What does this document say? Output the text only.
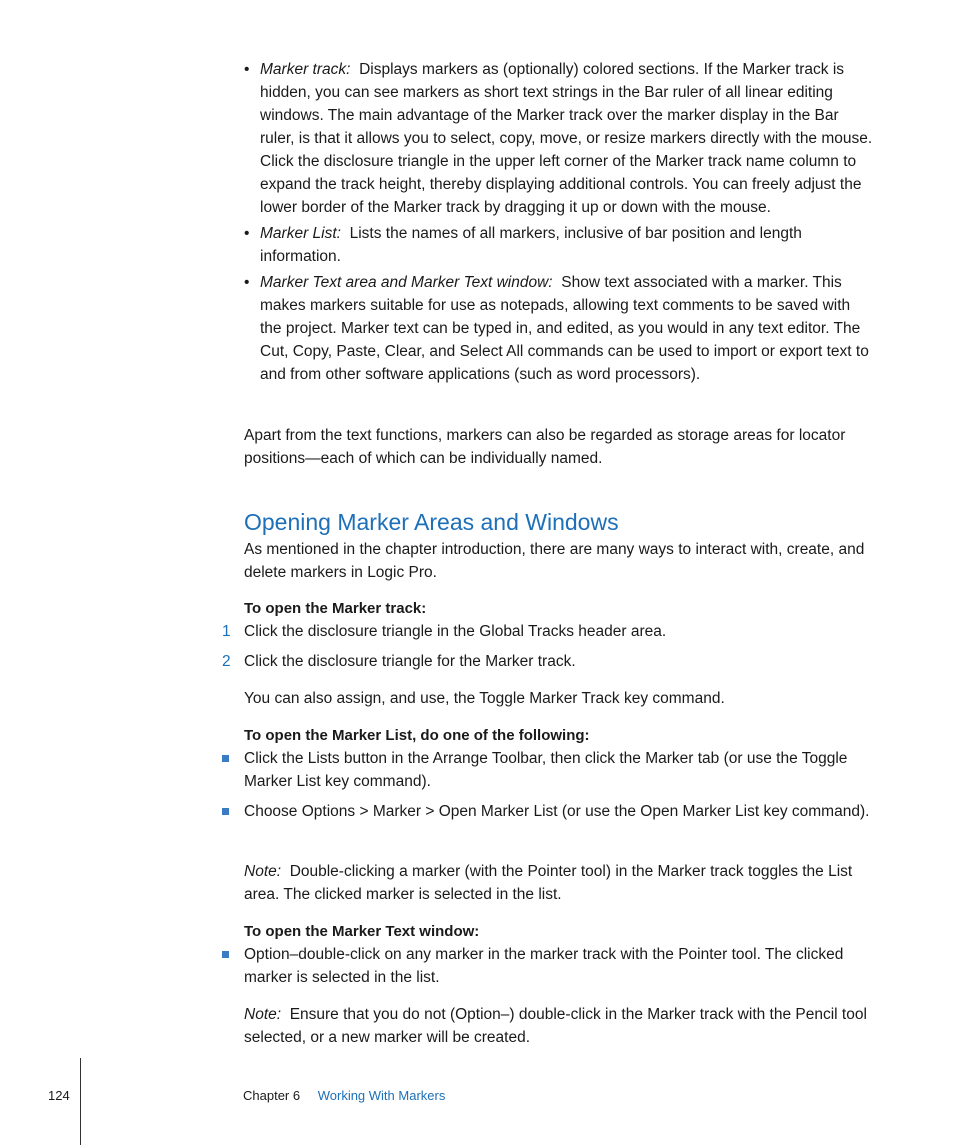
• Marker track: Displays markers as (optionally) colored sections. If the Marker track is hidden, you can see markers as short text strings in the Bar ruler of all linear editing windows. The main advantage of the Marker track over the marker display in the Bar ruler, is that it allows you to select, copy, move, or resize markers directly with the mouse. Click the disclosure triangle in the upper left corner of the Marker track name column to expand the track height, thereby displaying additional controls. You can freely adjust the lower border of the Marker track by dragging it up or down with the mouse.
• Marker List: Lists the names of all markers, inclusive of bar position and length information.
• Marker Text area and Marker Text window: Show text associated with a marker. This makes markers suitable for use as notepads, allowing text comments to be saved with the project. Marker text can be typed in, and edited, as you would in any text editor. The Cut, Copy, Paste, Clear, and Select All commands can be used to import or export text to and from other software applications (such as word processors).

Apart from the text functions, markers can also be regarded as storage areas for locator positions—each of which can be individually named.

Opening Marker Areas and Windows

As mentioned in the chapter introduction, there are many ways to interact with, create, and delete markers in Logic Pro.

To open the Marker track:

1 Click the disclosure triangle in the Global Tracks header area.
2 Click the disclosure triangle for the Marker track.

You can also assign, and use, the Toggle Marker Track key command.

To open the Marker List, do one of the following:

Click the Lists button in the Arrange Toolbar, then click the Marker tab (or use the Toggle Marker List key command).
Choose Options > Marker > Open Marker List (or use the Open Marker List key command).

Note: Double-clicking a marker (with the Pointer tool) in the Marker track toggles the List area. The clicked marker is selected in the list.

To open the Marker Text window:

Option–double-click on any marker in the marker track with the Pointer tool. The clicked marker is selected in the list.

Note: Ensure that you do not (Option–) double-click in the Marker track with the Pencil tool selected, or a new marker will be created.

124	Chapter 6 Working With Markers
